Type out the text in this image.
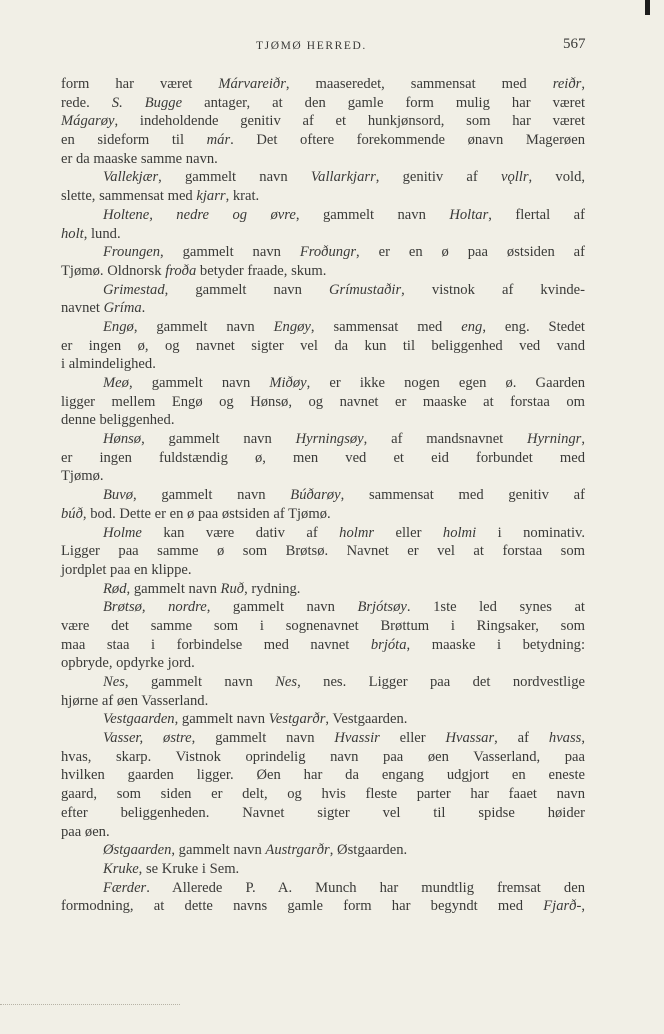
TJØMØ HERRED.	567
form har været Márvareiðr, maaseredet, sammensat med reiðr,
rede. S. Bugge antager, at den gamle form mulig har været
Mágarøy, indeholdende genitiv af et hunkjønsord, som har været
en sideform til már. Det oftere forekommende ønavn Magerøen
er da maaske samme navn.
Vallekjær, gammelt navn Vallarkjarr, genitiv af vǫllr, vold,
slette, sammensat med kjarr, krat.
Holtene, nedre og øvre, gammelt navn Holtar, flertal af
holt, lund.
Froungen, gammelt navn Froðungr, er en ø paa østsiden af
Tjømø. Oldnorsk froða betyder fraade, skum.
Grimestad, gammelt navn Grímustaðir, vistnok af kvinde-
navnet Gríma.
Engø, gammelt navn Engøy, sammensat med eng, eng. Stedet
er ingen ø, og navnet sigter vel da kun til beliggenhed ved vand
i almindelighed.
Meø, gammelt navn Miðøy, er ikke nogen egen ø. Gaarden
ligger mellem Engø og Hønsø, og navnet er maaske at forstaa om
denne beliggenhed.
Hønsø, gammelt navn Hyrningsøy, af mandsnavnet Hyrningr,
er ingen fuldstændig ø, men ved et eid forbundet med
Tjømø.
Buvø, gammelt navn Búðarøy, sammensat med genitiv af
búð, bod. Dette er en ø paa østsiden af Tjømø.
Holme kan være dativ af holmr eller holmi i nominativ.
Ligger paa samme ø som Brøtsø. Navnet er vel at forstaa som
jordplet paa en klippe.
Rød, gammelt navn Ruð, rydning.
Brøtsø, nordre, gammelt navn Brjótsøy. 1ste led synes at
være det samme som i sognenavnet Brøttum i Ringsaker, som
maa staa i forbindelse med navnet brjóta, maaske i betydning:
opbryde, opdyrke jord.
Nes, gammelt navn Nes, nes. Ligger paa det nordvestlige
hjørne af øen Vasserland.
Vestgaarden, gammelt navn Vestgarðr, Vestgaarden.
Vasser, østre, gammelt navn Hvassir eller Hvassar, af hvass,
hvas, skarp. Vistnok oprindelig navn paa øen Vasserland, paa
hvilken gaarden ligger. Øen har da engang udgjort en eneste
gaard, som siden er delt, og hvis fleste parter har faaet navn
efter beliggenheden. Navnet sigter vel til spidse høider
paa øen.
Østgaarden, gammelt navn Austrgarðr, Østgaarden.
Kruke, se Kruke i Sem.
Færder. Allerede P. A. Munch har mundtlig fremsat den
formodning, at dette navns gamle form har begyndt med Fjarð-,
